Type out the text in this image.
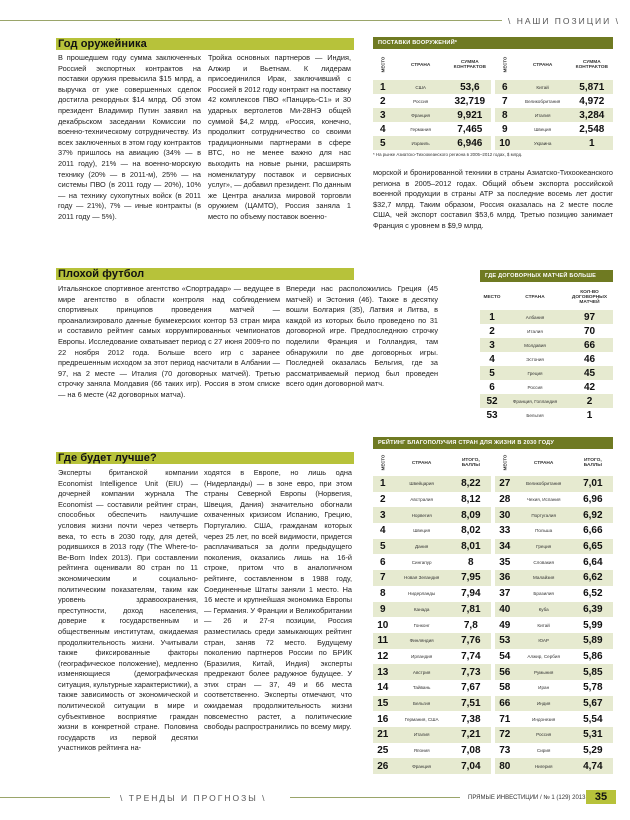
\ НАШИ ПОЗИЦИИ \
Год оружейника
В прошедшем году сумма заключенных Россией экспортных контрактов на поставки оружия превысила $15 млрд, а выручка от уже совершенных сделок достигла рекордных $14 млрд. Об этом президент Владимир Путин заявил на декабрьском заседании Комиссии по военно-техническому сотрудничеству. Из всех заключенных в этом году контрактов 37% пришлось на авиацию (34% — в 2011 году), 21% — на военно-морскую технику (20% — в 2011-м), 25% — на системы ПВО (в 2011 году — 20%), 10% — на технику сухопутных войск (в 2011 году — 21%), 7% — иные контракты (в 2011 году — 5%).
Тройка основных партнеров — Индия, Алжир и Вьетнам. К лидерам присоединился Ирак, заключивший с Россией в 2012 году контракт на поставку 42 комплексов ПВО «Панцирь-С1» и 30 ударных вертолетов Ми-28НЭ общей суммой $4,2 млрд. «Россия, конечно, продолжит сотрудничество со своими традиционными партнерами в сфере ВТС, но не менее важно для нас выходить на новые рынки, расширять номенклатуру поставок и сервисных услуг», — добавил президент. По данным же Центра анализа мировой торговли оружием (ЦАМТО), Россия заняла 1 место по объему поставок военно-
морской и бронированной техники в страны Азиатско-Тихоокеанского региона в 2005–2012 годах. Общий объем экспорта российской военной продукции в страны АТР за последние восемь лет достиг $32,7 млрд. Таким образом, Россия оказалась на 2 месте после США, чей экспорт составил $53,6 млрд. Третью позицию занимает Франция с уровнем в $9,9 млрд.
ПОСТАВКИ ВООРУЖЕНИЙ*
МЕСТО	СТРАНА	СУММА КОНТРАКТОВ
1	США	53,6
2	Россия	32,719
3	Франция	9,921
4	Германия	7,465
5	Израиль	6,946
МЕСТО	СТРАНА	СУММА КОНТРАКТОВ
6	Китай	5,871
7	Великобритания	4,972
8	Италия	3,284
9	Швеция	2,548
10	Украина	1
* На рынке Азиатско-Тихоокеанского региона в 2005–2012 годах, $ млрд.
Плохой футбол
Итальянское спортивное агентство «Спортрадар» — ведущее в мире агентство в области контроля над соблюдением спортивных принципов проведения матчей — проанализировало данные букмекерских контор 53 стран мира и составило рейтинг самых коррумпированных чемпионатов Европы. Исследование охватывает период с 27 июня 2009-го по 22 ноября 2012 года. Больше всего игр с заранее предрешенным исходом за этот период насчитали в Албании — 97, на 2 месте — Италия (70 договорных матчей). Третью строчку заняла Молдавия (66 таких игр). Россия в этом списке — на 6 месте (42 договорных матча).
Впереди нас расположились Греция (45 матчей) и Эстония (46). Также в десятку вошли Болгария (35), Латвия и Литва, в каждой из которых было проведено по 31 договорной игре. Предпоследнюю строчку поделили Франция и Голландия, там обнаружили по две договорных игры. Последней оказалась Бельгия, где за рассматриваемый период был проведен всего один договорной матч.
ГДЕ ДОГОВОРНЫХ МАТЧЕЙ БОЛЬШЕ
МЕСТО	СТРАНА	КОЛ-ВО ДОГОВОРНЫХ МАТЧЕЙ
1	Албания	97
2	Италия	70
3	Молдавия	66
4	Эстония	46
5	Греция	45
6	Россия	42
52	Франция, Голландия	2
53	Бельгия	1
Где будет лучше?
Эксперты британской компании Economist Intelligence Unit (EIU) — дочерней компании журнала The Economist — составили рейтинг стран, способных обеспечить наилучшие условия жизни почти через четверть века, то есть в 2030 году, для детей, родившихся в 2013 году (The Where-to-Be-Born Index 2013). При составлении рейтинга оценивали 80 стран по 11 экономическим и социально-политическим показателям, таким как уровень здравоохранения, преступности, доход населения, доверие к государственным и общественным институтам, ожидаемая продолжительность жизни. Учитывали также фиксированные факторы (географическое положение), медленно изменяющиеся (демографическая ситуация, культурные характеристики), а также зависимость от экономической и политической ситуации в мире и субъективное восприятие граждан жизни в конкретной стране. Половина государств из первой десятки участников рейтинга на-
ходятся в Европе, но лишь одна (Нидерланды) — в зоне евро, при этом страны Северной Европы (Норвегия, Швеция, Дания) значительно обогнали охваченных кризисом Испанию, Грецию, Португалию. США, гражданам которых через 25 лет, по всей видимости, придется расплачиваться за долги предыдущего поколения, оказались лишь на 16-й строке, притом что в аналогичном рейтинге, составленном в 1988 году, Соединенные Штаты заняли 1 место. На 16 месте и крупнейшая экономика Европы — Германия. У Франции и Великобритании — 26 и 27-я позиции, Россия разместилась среди замыкающих рейтинг стран, заняв 72 место. Будущему поколению партнеров России по БРИК (Бразилия, Китай, Индия) эксперты предрекают более радужное будущее. У этих стран — 37, 49 и 66 места соответственно. Эксперты отмечают, что ожидаемая продолжительность жизни повсеместно растет, а политические свободы распространились по всему миру.
РЕЙТИНГ БЛАГОПОЛУЧИЯ СТРАН ДЛЯ ЖИЗНИ В 2030 ГОДУ
МЕСТО	СТРАНА	ИТОГО, БАЛЛЫ
1	Швейцария	8,22
2	Австралия	8,12
3	Норвегия	8,09
4	Швеция	8,02
5	Дания	8,01
6	Сингапур	8
7	Новая Зеландия	7,95
8	Нидерланды	7,94
9	Канада	7,81
10	Гонконг	7,8
11	Финляндия	7,76
12	Ирландия	7,74
13	Австрия	7,73
14	Тайвань	7,67
15	Бельгия	7,51
16	Германия, США	7,38
21	Италия	7,21
25	Япония	7,08
26	Франция	7,04
МЕСТО	СТРАНА	ИТОГО, БАЛЛЫ
27	Великобритания	7,01
28	Чехия, Испания	6,96
30	Португалия	6,92
33	Польша	6,66
34	Греция	6,65
35	Словакия	6,64
36	Малайзия	6,62
37	Бразилия	6,52
40	Куба	6,39
49	Китай	5,99
53	ЮАР	5,89
54	Алжир, Сербия	5,86
56	Румыния	5,85
58	Иран	5,78
66	Индия	5,67
71	Индонезия	5,54
72	Россия	5,31
73	Сирия	5,29
80	Нигерия	4,74
\ ТРЕНДЫ И ПРОГНОЗЫ \	ПРЯМЫЕ ИНВЕСТИЦИИ / № 1 (129) 2013 35
